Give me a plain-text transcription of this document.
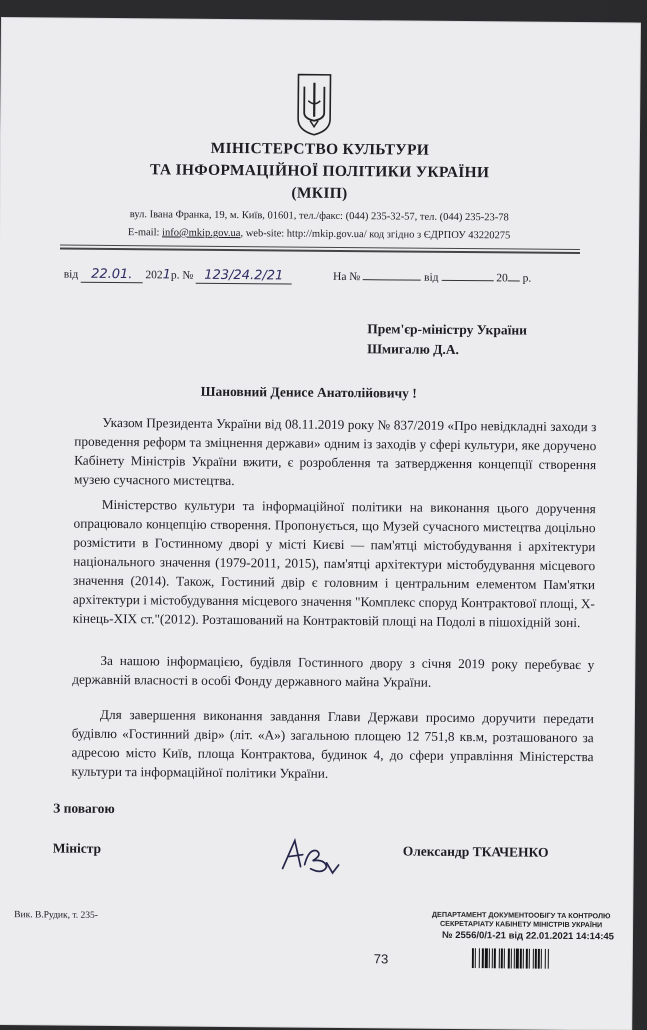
МІНІСТЕРСТВО КУЛЬТУРИ
ТА ІНФОРМАЦІЙНОЇ ПОЛІТИКИ УКРАЇНИ
(МКІП)
вул. Івана Франка, 19, м. Київ, 01601, тел./факс: (044) 235-32-57, тел. (044) 235-23-78
E-mail: info@mkip.gov.ua, web-site: http://mkip.gov.ua/ код згідно з ЄДРПОУ 43220275
від 22.01. 2021р. № 123/24.2/21	На №	від	20 р.
Прем'єр-міністру України
Шмигалю Д.А.
Шановний Денисе Анатолійовичу !

Указом Президента України від 08.11.2019 року № 837/2019 «Про невідкладні заходи з проведення реформ та зміцнення держави» одним із заходів у сфері культури, яке доручено Кабінету Міністрів України вжити, є розроблення та затвердження концепції створення музею сучасного мистецтва.

Міністерство культури та інформаційної політики на виконання цього доручення опрацювало концепцію створення. Пропонується, що Музей сучасного мистецтва доцільно розмістити в Гостинному дворі у місті Києві — пам'ятці містобудування і архітектури національного значення (1979-2011, 2015), пам'ятці архітектури містобудування місцевого значення (2014). Також, Гостиний двір є головним і центральним елементом Пам'ятки архітектури і містобудування місцевого значення "Комплекс споруд Контрактової площі, Х-кінець-ХІХ ст."(2012). Розташований на Контрактовій площі на Подолі в пішохідній зоні.

За нашою інформацією, будівля Гостинного двору з січня 2019 року перебуває у державній власності в особі Фонду державного майна України.

Для завершення виконання завдання Глави Держави просимо доручити передати будівлю «Гостинний двір» (літ. «А») загальною площею 12 751,8 кв.м, розташованого за адресою місто Київ, площа Контрактова, будинок 4, до сфери управління Міністерства культури та інформаційної політики України.

З повагою
Міністр	Олександр ТКАЧЕНКО
Вик. В.Рудик, т. 235-	ДЕПАРТАМЕНТ ДОКУМЕНТООБІГУ ТА КОНТРОЛЮ
СЕКРЕТАРІАТУ КАБІНЕТУ МІНІСТРІВ УКРАЇНИ
№ 2556/0/1-21 від 22.01.2021 14:14:45
73
